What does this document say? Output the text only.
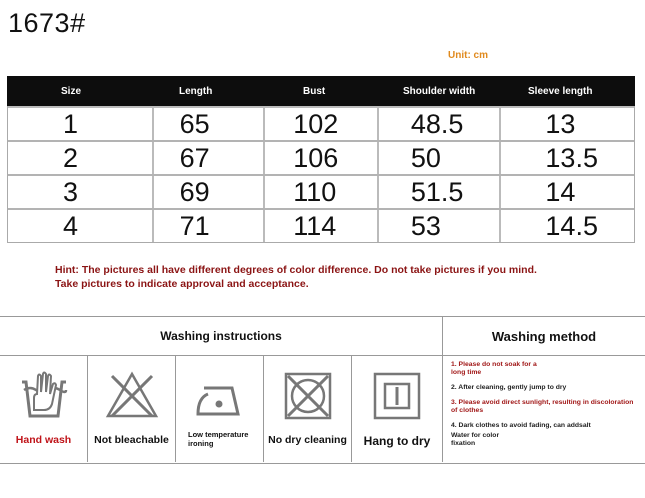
1673#
Unit: cm
Size	Length	Bust	Shoulder width	Sleeve length
1	65	102	48.5	13
2	67	106	50	13.5
3	69	110	51.5	14
4	71	114	53	14.5
Hint: The pictures all have different degrees of color difference. Do not take pictures if you mind.
Take pictures to indicate approval and acceptance.
Washing instructions	Washing method
Hand wash	Not bleachable	Low temperature ironing	No dry cleaning	Hang to dry
1. Please do not soak for a long time
2. After cleaning, gently jump to dry
3. Please avoid direct sunlight, resulting in discoloration of clothes
4. Dark clothes to avoid fading, can addsalt
Water for color fixation
